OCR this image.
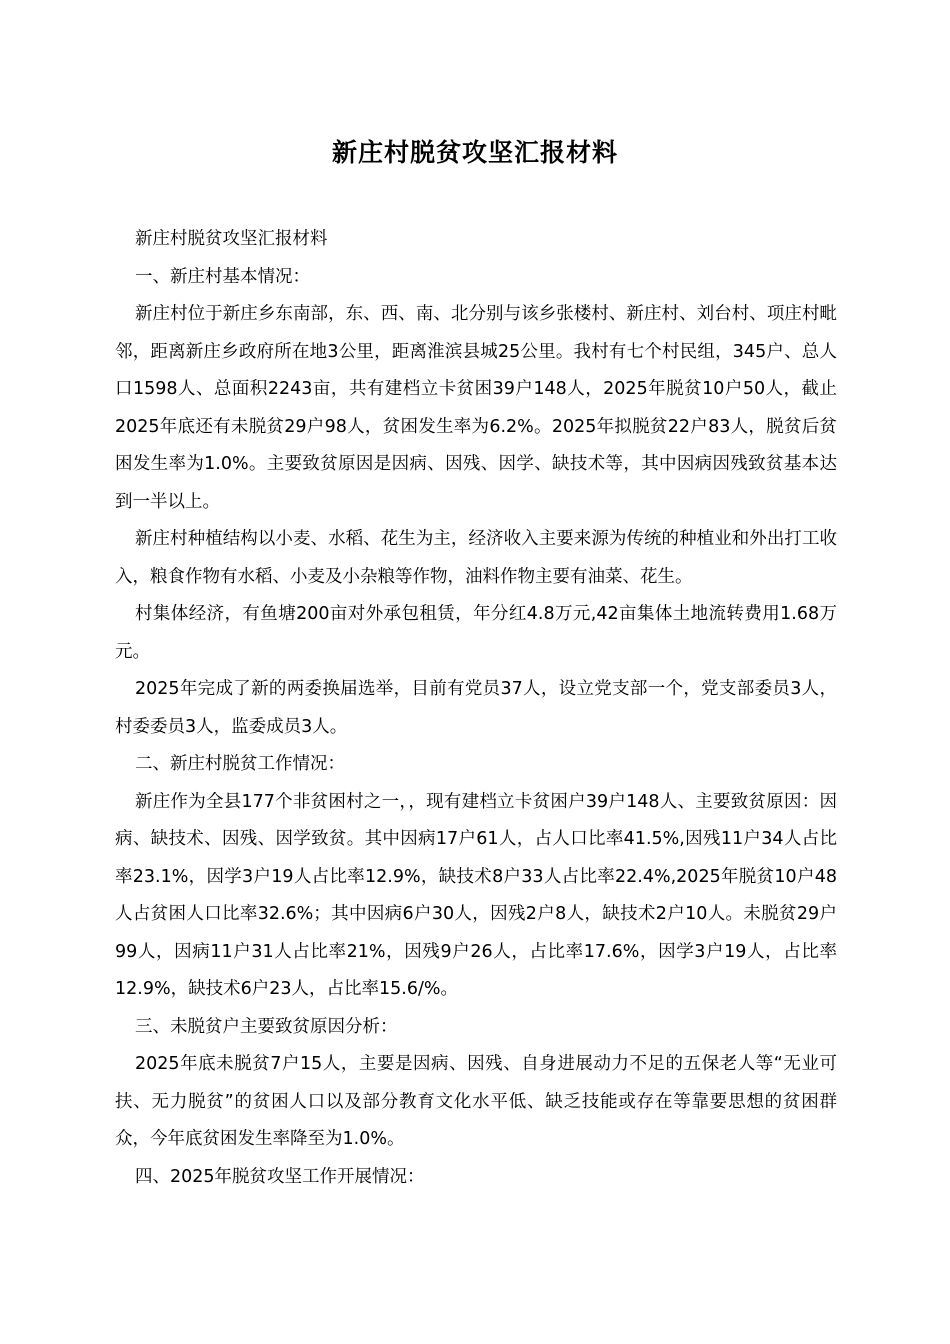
新庄村脱贫攻坚汇报材料

新庄村脱贫攻坚汇报材料

一、新庄村基本情况：

新庄村位于新庄乡东南部，东、西、南、北分别与该乡张楼村、新庄村、刘台村、项庄村毗邻，距离新庄乡政府所在地3公里，距离淮滨县城25公里。我村有七个村民组，345户、总人口1598人、总面积2243亩，共有建档立卡贫困39户148人，2025年脱贫10户50人，截止2025年底还有未脱贫29户98人，贫困发生率为6.2%。2025年拟脱贫22户83人，脱贫后贫困发生率为1.0%。主要致贫原因是因病、因残、因学、缺技术等，其中因病因残致贫基本达到一半以上。

新庄村种植结构以小麦、水稻、花生为主，经济收入主要来源为传统的种植业和外出打工收入，粮食作物有水稻、小麦及小杂粮等作物，油料作物主要有油菜、花生。

村集体经济，有鱼塘200亩对外承包租赁，年分红4.8万元,42亩集体土地流转费用1.68万元。

2025年完成了新的两委换届选举，目前有党员37人，设立党支部一个，党支部委员3人，村委委员3人，监委成员3人。

二、新庄村脱贫工作情况：

新庄作为全县177个非贫困村之一，，现有建档立卡贫困户39户148人、主要致贫原因：因病、缺技术、因残、因学致贫。其中因病17户61人，占人口比率41.5%,因残11户34人占比率23.1%，因学3户19人占比率12.9%，缺技术8户33人占比率22.4%,2025年脱贫10户48人占贫困人口比率32.6%；其中因病6户30人，因残2户8人，缺技术2户10人。未脱贫29户99人，因病11户31人占比率21%，因残9户26人，占比率17.6%，因学3户19人，占比率12.9%，缺技术6户23人，占比率15.6/%。

三、未脱贫户主要致贫原因分析：

2025年底未脱贫7户15人，主要是因病、因残、自身进展动力不足的五保老人等“无业可扶、无力脱贫”的贫困人口以及部分教育文化水平低、缺乏技能或存在等靠要思想的贫困群众，今年底贫困发生率降至为1.0%。

四、2025年脱贫攻坚工作开展情况：
